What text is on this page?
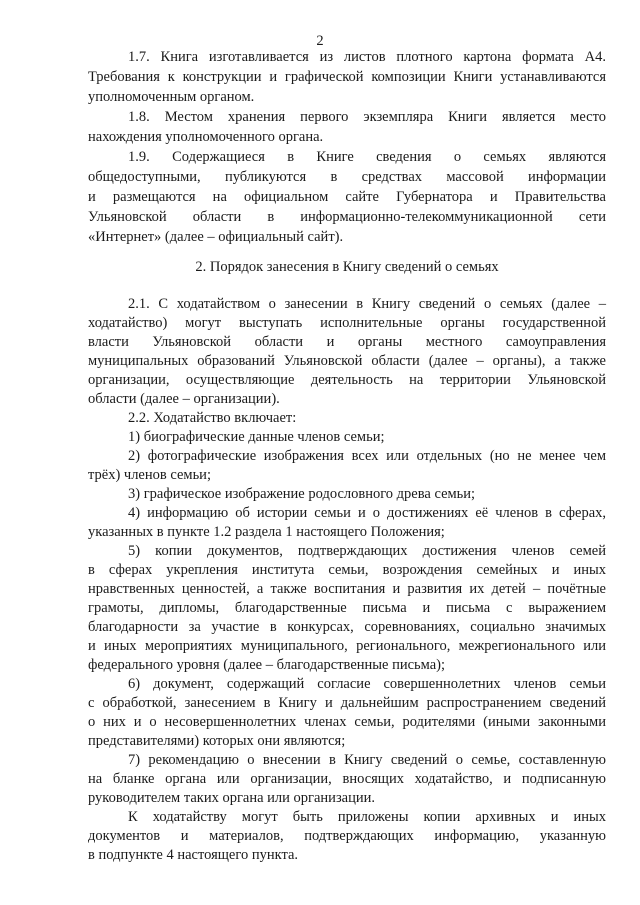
2
1.7. Книга изготавливается из листов плотного картона формата А4.
Требования к конструкции и графической композиции Книги устанавливаются
уполномоченным органом.
1.8. Местом хранения первого экземпляра Книги является место
нахождения уполномоченного органа.
1.9. Содержащиеся в Книге сведения о семьях являются
общедоступными, публикуются в средствах массовой информации
и размещаются на официальном сайте Губернатора и Правительства
Ульяновской области в информационно-телекоммуникационной сети
«Интернет» (далее – официальный сайт).
2. Порядок занесения в Книгу сведений о семьях
2.1. С ходатайством о занесении в Книгу сведений о семьях (далее –
ходатайство) могут выступать исполнительные органы государственной
власти Ульяновской области и органы местного самоуправления
муниципальных образований Ульяновской области (далее – органы), а также
организации, осуществляющие деятельность на территории Ульяновской
области (далее – организации).
2.2. Ходатайство включает:
1) биографические данные членов семьи;
2) фотографические изображения всех или отдельных (но не менее чем
трёх) членов семьи;
3) графическое изображение родословного древа семьи;
4) информацию об истории семьи и о достижениях её членов в сферах,
указанных в пункте 1.2 раздела 1 настоящего Положения;
5) копии документов, подтверждающих достижения членов семей
в сферах укрепления института семьи, возрождения семейных и иных
нравственных ценностей, а также воспитания и развития их детей – почётные
грамоты, дипломы, благодарственные письма и письма с выражением
благодарности за участие в конкурсах, соревнованиях, социально значимых
и иных мероприятиях муниципального, регионального, межрегионального или
федерального уровня (далее – благодарственные письма);
6) документ, содержащий согласие совершеннолетних членов семьи
с обработкой, занесением в Книгу и дальнейшим распространением сведений
о них и о несовершеннолетних членах семьи, родителями (иными законными
представителями) которых они являются;
7) рекомендацию о внесении в Книгу сведений о семье, составленную
на бланке органа или организации, вносящих ходатайство, и подписанную
руководителем таких органа или организации.
К ходатайству могут быть приложены копии архивных и иных
документов и материалов, подтверждающих информацию, указанную
в подпункте 4 настоящего пункта.
